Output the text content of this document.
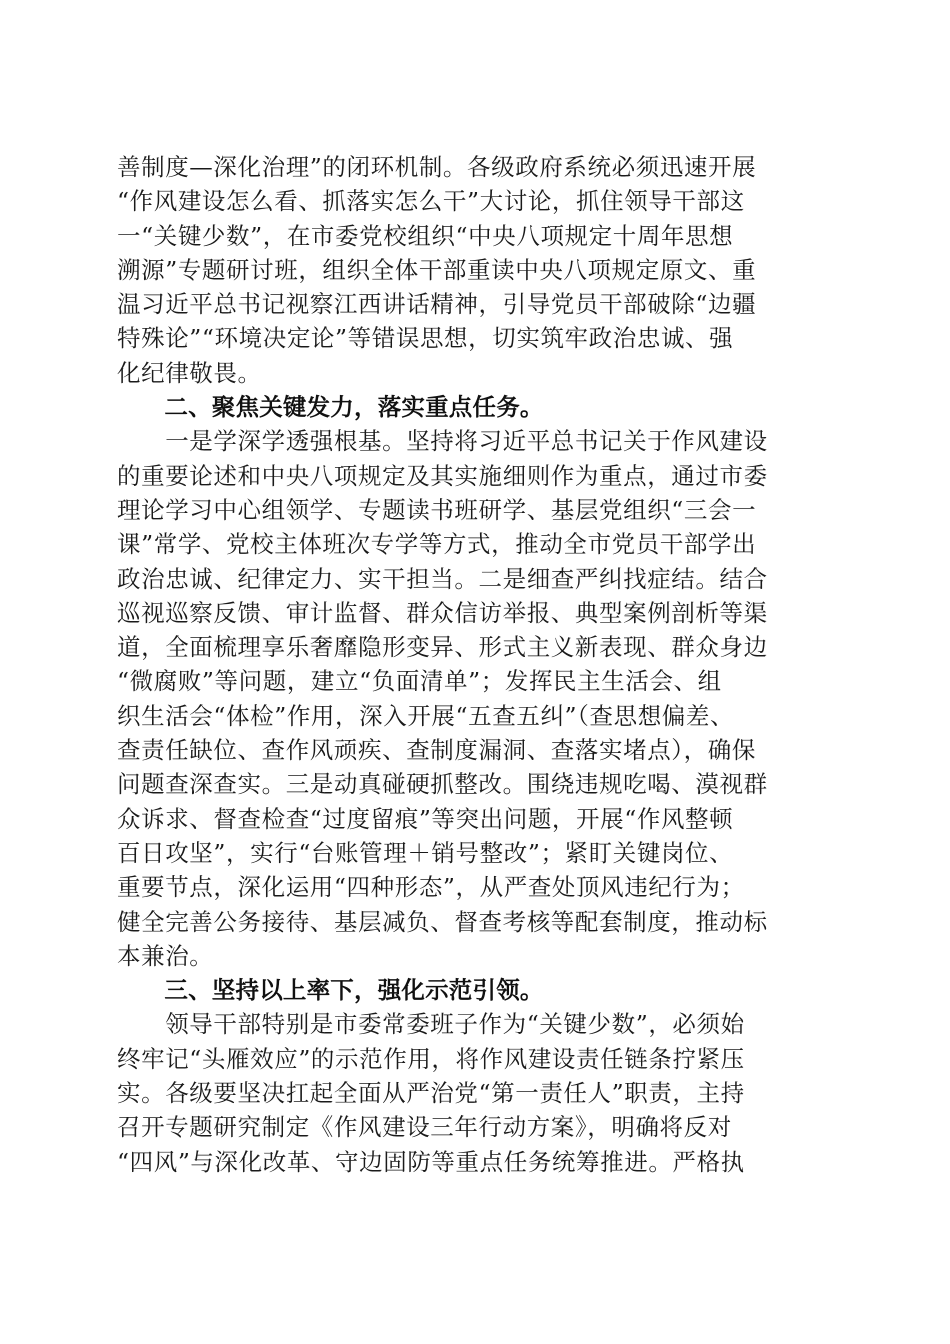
善制度—深化治理”的闭环机制。各级政府系统必须迅速开展
“作风建设怎么看、抓落实怎么干”大讨论，抓住领导干部这
一“关键少数”，在市委党校组织“中央八项规定十周年思想
溯源”专题研讨班，组织全体干部重读中央八项规定原文、重
温习近平总书记视察江西讲话精神，引导党员干部破除“边疆
特殊论”“环境决定论”等错误思想，切实筑牢政治忠诚、强
化纪律敬畏。
　　二、聚焦关键发力，落实重点任务。
　　一是学深学透强根基。坚持将习近平总书记关于作风建设
的重要论述和中央八项规定及其实施细则作为重点，通过市委
理论学习中心组领学、专题读书班研学、基层党组织“三会一
课”常学、党校主体班次专学等方式，推动全市党员干部学出
政治忠诚、纪律定力、实干担当。二是细查严纠找症结。结合
巡视巡察反馈、审计监督、群众信访举报、典型案例剖析等渠
道，全面梳理享乐奢靡隐形变异、形式主义新表现、群众身边
“微腐败”等问题，建立“负面清单”；发挥民主生活会、组
织生活会“体检”作用，深入开展“五查五纠”（查思想偏差、
查责任缺位、查作风顽疾、查制度漏洞、查落实堵点），确保
问题查深查实。三是动真碰硬抓整改。围绕违规吃喝、漠视群
众诉求、督查检查“过度留痕”等突出问题，开展“作风整顿
百日攻坚”，实行“台账管理＋销号整改”；紧盯关键岗位、
重要节点，深化运用“四种形态”，从严查处顶风违纪行为；
健全完善公务接待、基层减负、督查考核等配套制度，推动标
本兼治。
　　三、坚持以上率下，强化示范引领。
　　领导干部特别是市委常委班子作为“关键少数”，必须始
终牢记“头雁效应”的示范作用，将作风建设责任链条拧紧压
实。各级要坚决扛起全面从严治党“第一责任人”职责，主持
召开专题研究制定《作风建设三年行动方案》，明确将反对
“四风”与深化改革、守边固防等重点任务统筹推进。严格执
